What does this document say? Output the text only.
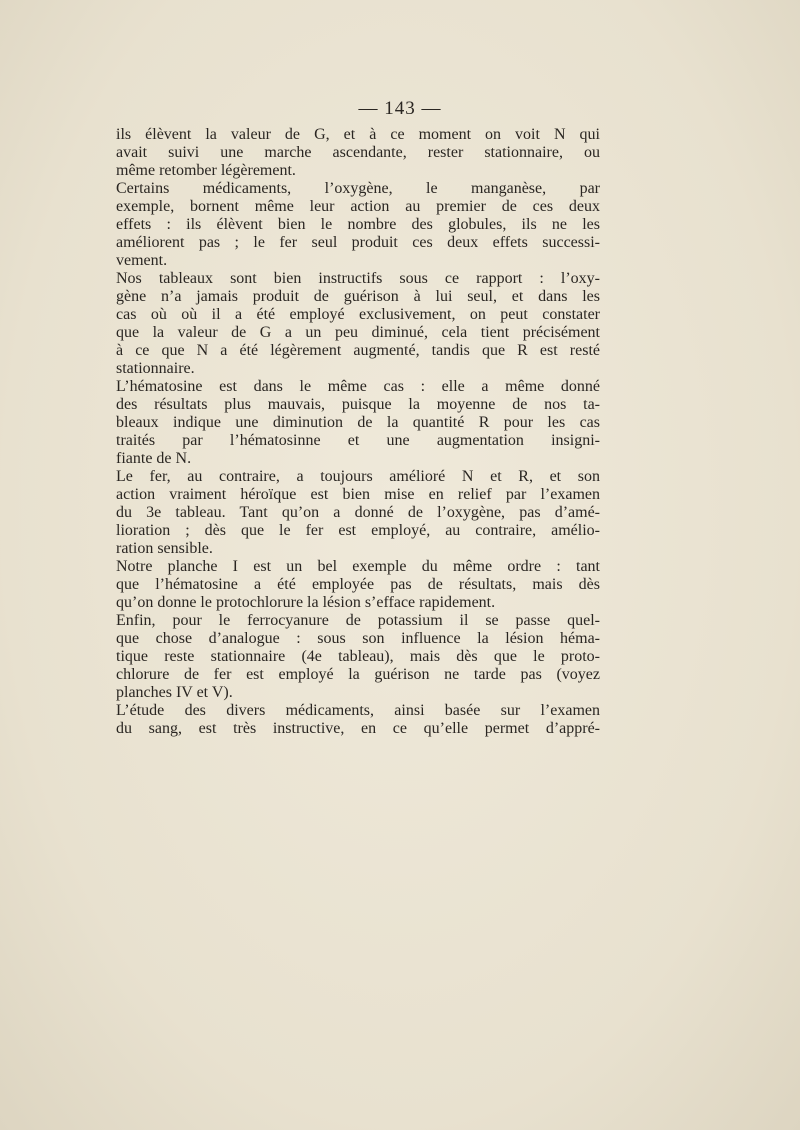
— 143 —
ils élèvent la valeur de G, et à ce moment on voit N qui
avait suivi une marche ascendante, rester stationnaire, ou
même retomber légèrement.
Certains médicaments, l’oxygène, le manganèse, par
exemple, bornent même leur action au premier de ces deux
effets : ils élèvent bien le nombre des globules, ils ne les
améliorent pas ; le fer seul produit ces deux effets successi-
vement.
Nos tableaux sont bien instructifs sous ce rapport : l’oxy-
gène n’a jamais produit de guérison à lui seul, et dans les
cas où où il a été employé exclusivement, on peut constater
que la valeur de G a un peu diminué, cela tient précisément
à ce que N a été légèrement augmenté, tandis que R est resté
stationnaire.
L’hématosine est dans le même cas : elle a même donné
des résultats plus mauvais, puisque la moyenne de nos ta-
bleaux indique une diminution de la quantité R pour les cas
traités par l’hématosinne et une augmentation insigni-
fiante de N.
Le fer, au contraire, a toujours amélioré N et R, et son
action vraiment héroïque est bien mise en relief par l’examen
du 3e tableau. Tant qu’on a donné de l’oxygène, pas d’amé-
lioration ; dès que le fer est employé, au contraire, amélio-
ration sensible.
Notre planche I est un bel exemple du même ordre : tant
que l’hématosine a été employée pas de résultats, mais dès
qu’on donne le protochlorure la lésion s’efface rapidement.
Enfin, pour le ferrocyanure de potassium il se passe quel-
que chose d’analogue : sous son influence la lésion héma-
tique reste stationnaire (4e tableau), mais dès que le proto-
chlorure de fer est employé la guérison ne tarde pas (voyez
planches IV et V).
L’étude des divers médicaments, ainsi basée sur l’examen
du sang, est très instructive, en ce qu’elle permet d’appré-
